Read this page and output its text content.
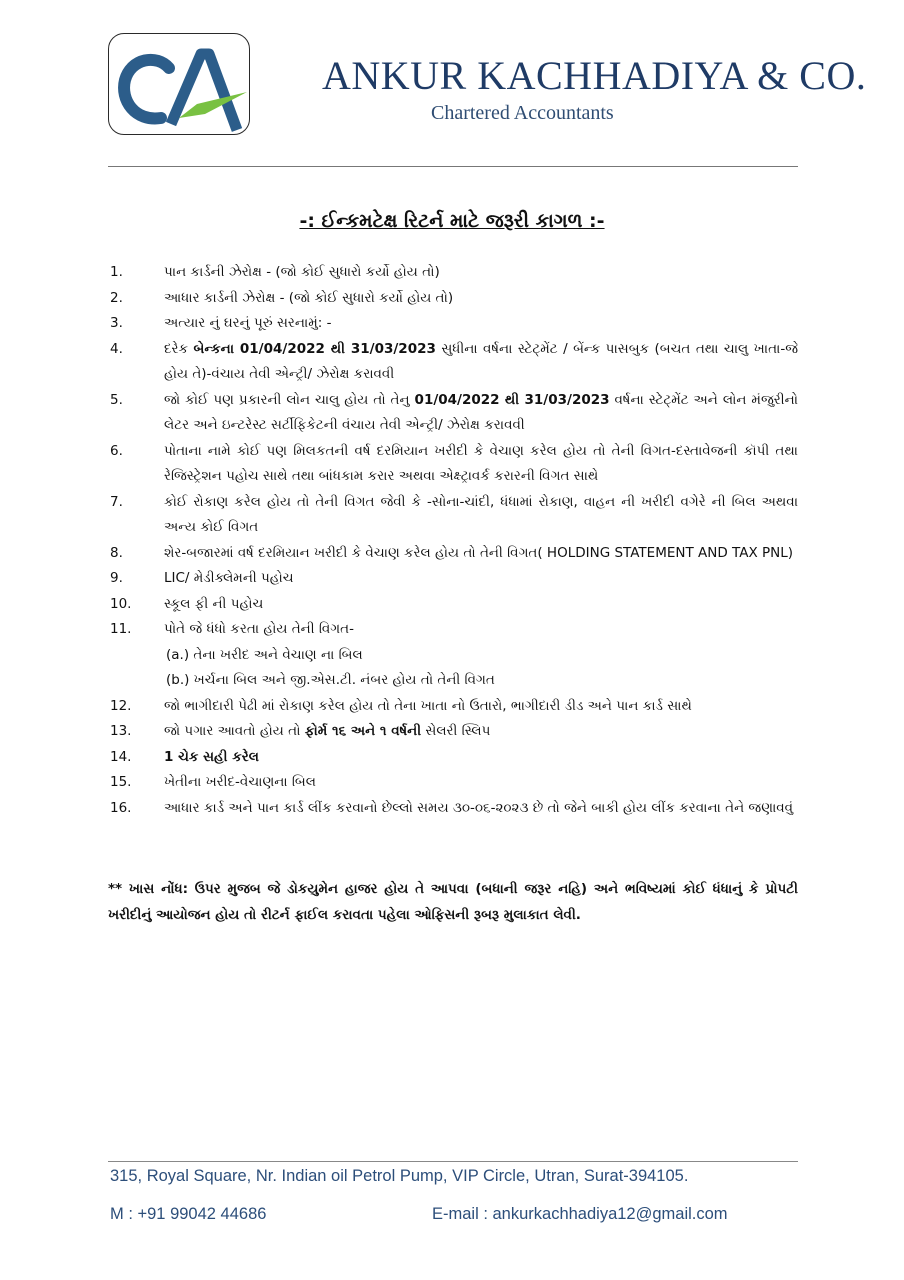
ANKUR KACHHADIYA & CO.
Chartered Accountants
-: ઈન્કમટેક્ષ રિટર્ન માટે જરૂરી કાગળ :-
1.	પાન કાર્ડની ઝેરોક્ષ - (જો કોઈ સુધારો કર્યો હોય તો)
2.	આધાર કાર્ડની ઝેરોક્ષ - (જો કોઈ સુધારો કર્યો હોય તો)
3.	અત્યાર નું ઘરનું પૂરું સરનામું: -
4.	દરેક બેન્કના 01/04/2022 થી 31/03/2023 સુધીના વર્ષના સ્ટેટ્મેંટ / બેંન્ક પાસબુક (બચત તથા ચાલુ ખાતા-જે હોય તે)-વંચાય તેવી એન્ટ્રી/ ઝેરોક્ષ કરાવવી
5.	જો કોઈ પણ પ્રકારની લોન ચાલુ હોય તો તેનુ 01/04/2022 થી 31/03/2023 વર્ષના સ્ટેટ્મેંટ અને લોન મંજુરીનો લેટર અને ઇન્ટરેસ્ટ સર્ટીફિકેટની વંચાય તેવી એન્ટ્રી/ ઝેરોક્ષ કરાવવી
6.	પોતાના નામે કોઈ પણ મિલકતની વર્ષ દરમિયાન ખરીદી કે વેચાણ કરેલ હોય તો તેની વિગત-દસ્તાવેજની કૉપી તથા રેજિસ્ટ્રેશન પહોચ સાથે તથા બાંધકામ કરાર અથવા એક્ષ્ટ્રાવર્ક કરારની વિગત સાથે
7.	કોઈ રોકાણ કરેલ હોય તો તેની વિગત જેવી કે -સોના-ચાંદી, ધંધામાં રોકાણ, વાહન ની ખરીદી વગેરે ની બિલ અથવા અન્ય કોઈ વિગત
8.	શેર-બજારમાં વર્ષ દરમિયાન ખરીદી કે વેચાણ કરેલ હોય તો તેની વિગત( HOLDING STATEMENT AND TAX PNL)
9.	LIC/ મેડીક્લેમની પહોચ
10. સ્કૂલ ફી ની પહોચ
11. પોતે જે ધંધો કરતા હોય તેની વિગત-
(a.) તેના ખરીદ અને વેચાણ ના બિલ
(b.) ખર્ચના બિલ અને જી.એસ.ટી. નંબર હોય તો તેની વિગત
12. જો ભાગીદારી પેઢી માં રોકાણ કરેલ હોય તો તેના ખાતા નો ઉતારો, ભાગીદારી ડીડ અને પાન કાર્ડ સાથે
13. જો પગાર આવતો હોય તો ફોર્મ ૧૬ અને ૧ વર્ષની સેલરી સ્લિપ
14. 1 ચેક સહી કરેલ
15. ખેતીના ખરીદ-વેચાણના બિલ
16. આધાર કાર્ડ અને પાન કાર્ડ લીંક કરવાનો છેલ્લો સમય ૩૦-૦૬-૨૦૨૩ છે તો જેને બાકી હોય લીંક કરવાના તેને જણાવવું
** ખાસ નોંધ: ઉપર મુજબ જે ડોકયુમેન હાજર હોય તે આપવા (બધાની જરૂર નહિ) અને ભવિષ્યમાં કોઈ ધંધાનું કે પ્રોપટી ખરીદીનું આયોજન હોય તો રીટર્ન ફાઈલ કરાવતા પહેલા ઓફિસની રૂબરૂ મુલાકાત લેવી.
315, Royal Square, Nr. Indian oil Petrol Pump, VIP Circle, Utran, Surat-394105.
M : +91 99042 44686	E-mail : ankurkachhadiya12@gmail.com
